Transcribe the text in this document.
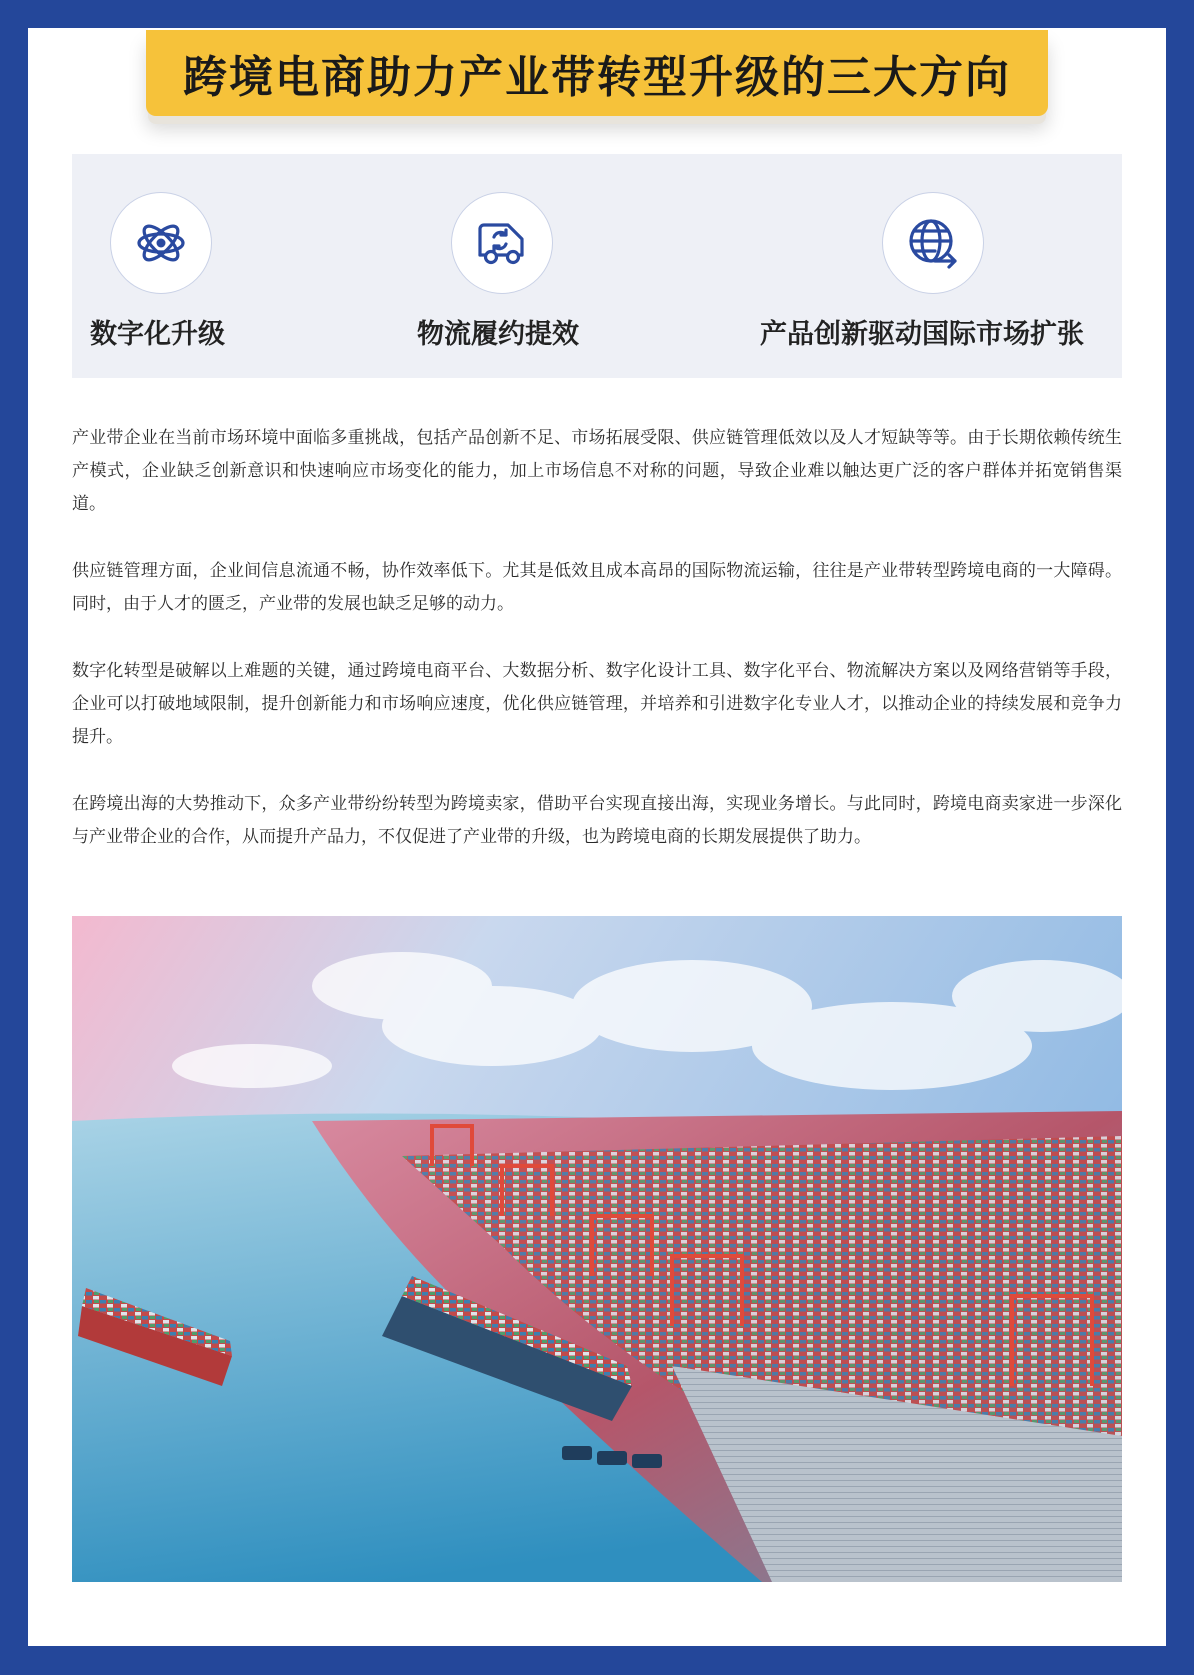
跨境电商助力产业带转型升级的三大方向
数字化升级	物流履约提效	产品创新驱动国际市场扩张

产业带企业在当前市场环境中面临多重挑战，包括产品创新不足、市场拓展受限、供应链管理低效以及人才短缺等等。由于长期依赖传统生产模式，企业缺乏创新意识和快速响应市场变化的能力，加上市场信息不对称的问题，导致企业难以触达更广泛的客户群体并拓宽销售渠道。

供应链管理方面，企业间信息流通不畅，协作效率低下。尤其是低效且成本高昂的国际物流运输，往往是产业带转型跨境电商的一大障碍。同时，由于人才的匮乏，产业带的发展也缺乏足够的动力。

数字化转型是破解以上难题的关键，通过跨境电商平台、大数据分析、数字化设计工具、数字化平台、物流解决方案以及网络营销等手段，企业可以打破地域限制，提升创新能力和市场响应速度，优化供应链管理，并培养和引进数字化专业人才，以推动企业的持续发展和竞争力提升。

在跨境出海的大势推动下，众多产业带纷纷转型为跨境卖家，借助平台实现直接出海，实现业务增长。与此同时，跨境电商卖家进一步深化与产业带企业的合作，从而提升产品力，不仅促进了产业带的升级，也为跨境电商的长期发展提供了助力。
